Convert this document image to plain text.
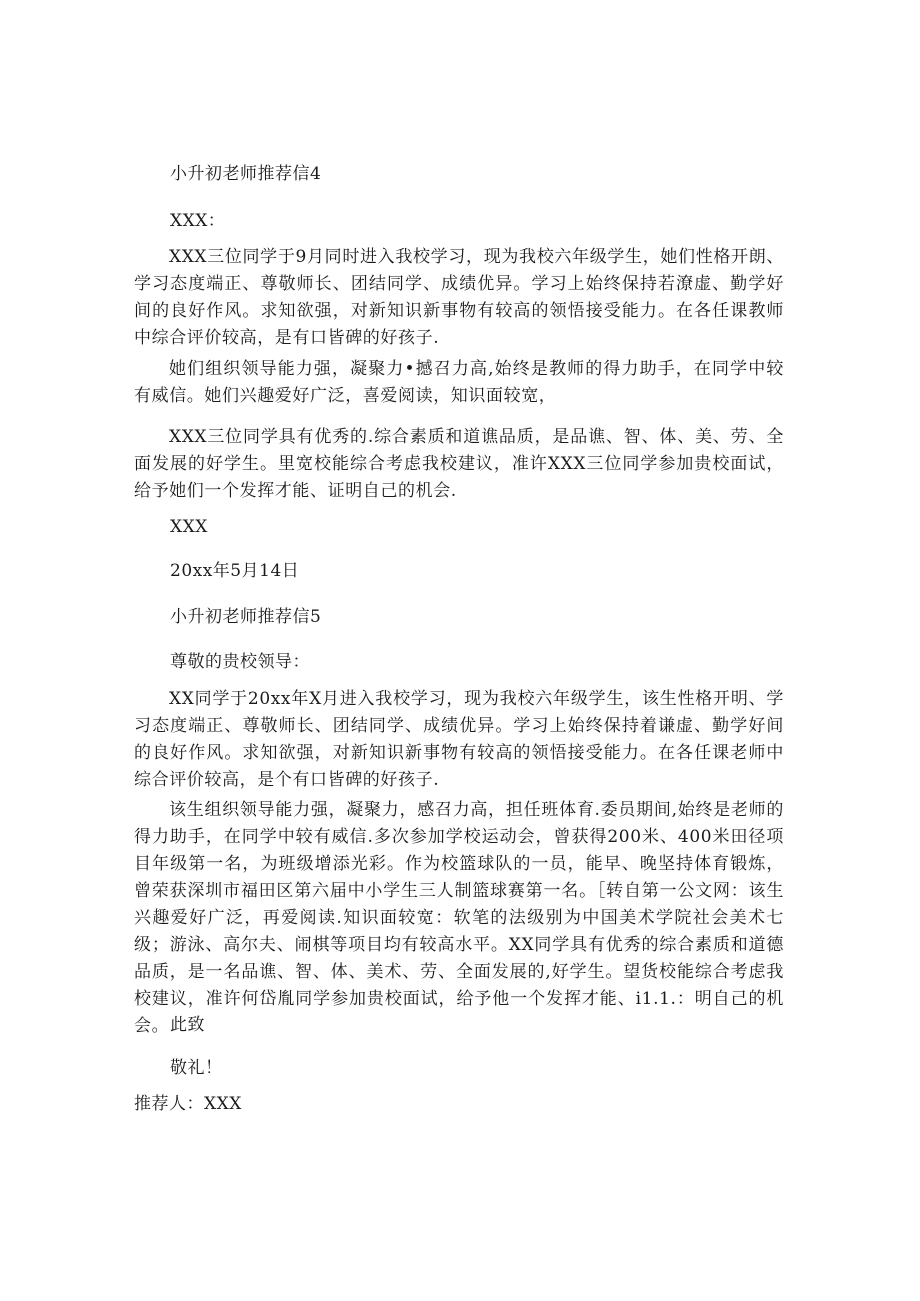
小升初老师推荐信4
XXX：

XXX三位同学于9月同时进入我校学习，现为我校六年级学生，她们性格开朗、学习态度端正、尊敬师长、团结同学、成绩优异。学习上始终保持若潦虚、勤学好间的良好作风。求知欲强，对新知识新事物有较高的领悟接受能力。在各任课教师中综合评价较高，是有口皆碑的好孩子.

她们组织领导能力强，凝聚力•撼召力高,始终是教师的得力助手，在同学中较有威信。她们兴趣爱好广泛，喜爱阅读，知识面较宽，

XXX三位同学具有优秀的.综合素质和道谯品质，是品谯、智、体、美、劳、全面发展的好学生。里宽校能综合考虑我校建议，准许XXX三位同学参加贵校面试，给予她们一个发挥才能、证明自己的机会.

XXX
20xx年5月14日
小升初老师推荐信5
尊敬的贵校领导：

XX同学于20xx年X月进入我校学习，现为我校六年级学生，该生性格开明、学习态度端正、尊敬师长、团结同学、成绩优异。学习上始终保持着谦虚、勤学好间的良好作风。求知欲强，对新知识新事物有较高的领悟接受能力。在各任课老师中综合评价较高，是个有口皆碑的好孩子.

该生组织领导能力强，凝聚力，感召力高，担任班体育.委员期间,始终是老师的得力助手，在同学中较有威信.多次参加学校运动会，曾获得200米、400米田径项目年级第一名，为班级增添光彩。作为校篮球队的一员，能早、晚坚持体育锻炼，曾荣获深圳市福田区第六届中小学生三人制篮球赛第一名。［转自第一公文网：该生兴趣爱好广泛，再爱阅读.知识面较宽：软笔的法级别为中国美术学院社会美术七级；游泳、高尔夫、闹棋等项目均有较高水平。XX同学具有优秀的综合素质和道德品质，是一名品谯、智、体、美术、劳、全面发展的,好学生。望货校能综合考虑我校建议，准许何岱胤同学参加贵校面试，给予他一个发挥才能、i1.1.：明自己的机会。 此致
敬礼！
推荐人：XXX
